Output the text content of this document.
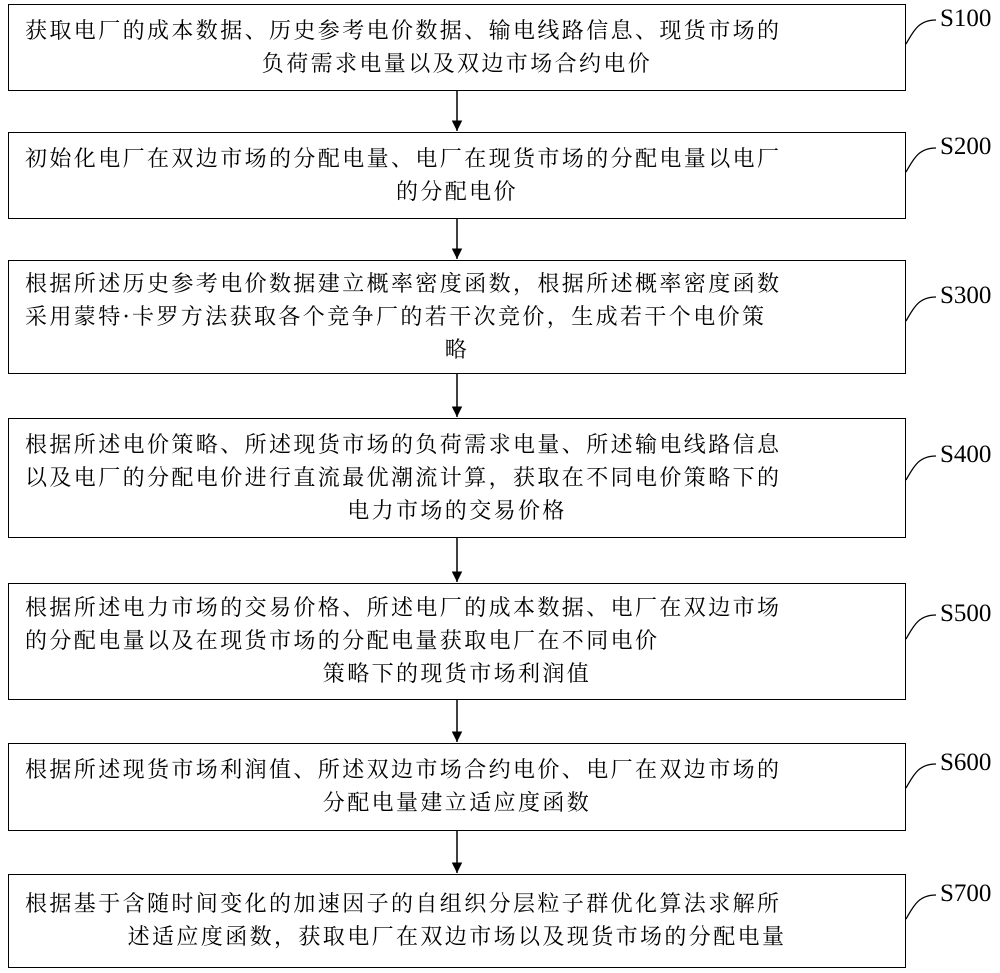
获取电厂的成本数据、历史参考电价数据、输电线路信息、现货市场的
负荷需求电量以及双边市场合约电价
初始化电厂在双边市场的分配电量、电厂在现货市场的分配电量以电厂
的分配电价
根据所述历史参考电价数据建立概率密度函数，根据所述概率密度函数
采用蒙特·卡罗方法获取各个竞争厂的若干次竞价，生成若干个电价策
略
根据所述电价策略、所述现货市场的负荷需求电量、所述输电线路信息
以及电厂的分配电价进行直流最优潮流计算，获取在不同电价策略下的
电力市场的交易价格
根据所述电力市场的交易价格、所述电厂的成本数据、电厂在双边市场
的分配电量以及在现货市场的分配电量获取电厂在不同电价
策略下的现货市场利润值
根据所述现货市场利润值、所述双边市场合约电价、电厂在双边市场的
分配电量建立适应度函数
根据基于含随时间变化的加速因子的自组织分层粒子群优化算法求解所
述适应度函数，获取电厂在双边市场以及现货市场的分配电量
S100
S200
S300
S400
S500
S600
S700
